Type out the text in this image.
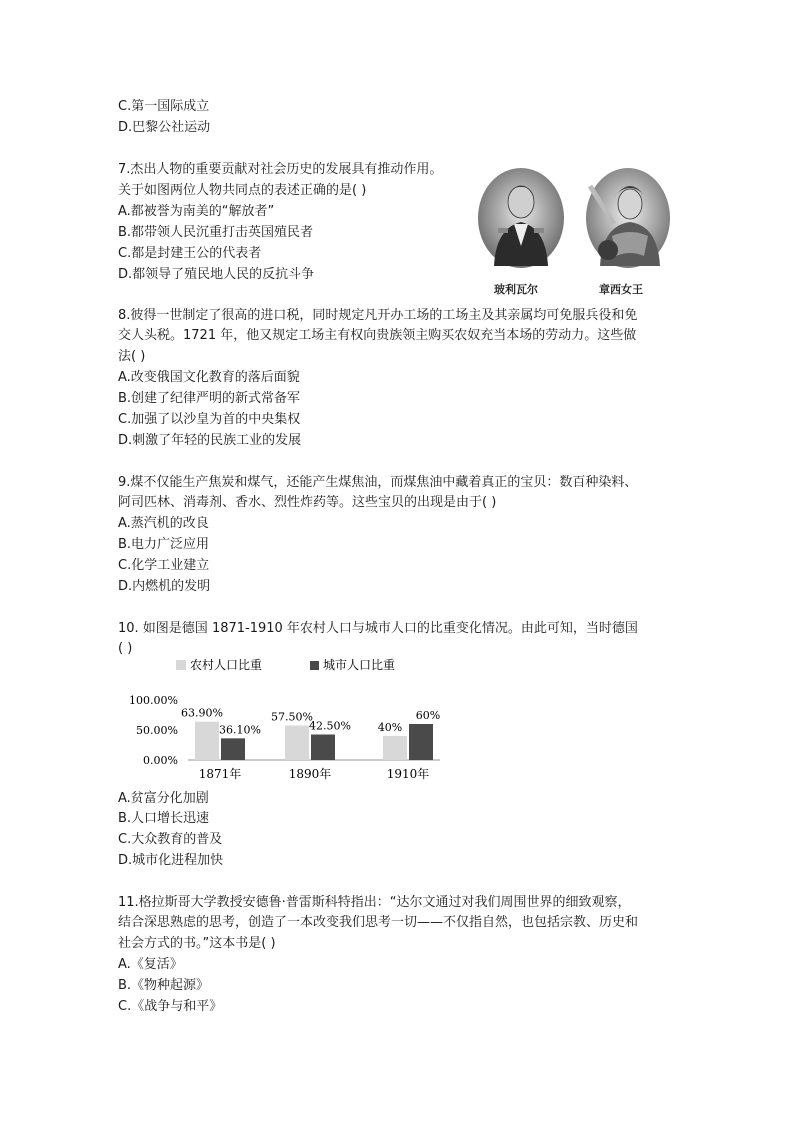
C.第一国际成立
D.巴黎公社运动
7.杰出人物的重要贡献对社会历史的发展具有推动作用。
关于如图两位人物共同点的表述正确的是( )
A.都被誉为南美的“解放者”
B.都带领人民沉重打击英国殖民者
C.都是封建王公的代表者
D.都领导了殖民地人民的反抗斗争
玻利瓦尔	章西女王
8.彼得一世制定了很高的进口税，同时规定凡开办工场的工场主及其亲属均可免服兵役和免
交人头税。1721 年，他又规定工场主有权向贵族领主购买农奴充当本场的劳动力。这些做
法( )
A.改变俄国文化教育的落后面貌
B.创建了纪律严明的新式常备军
C.加强了以沙皇为首的中央集权
D.刺激了年轻的民族工业的发展
9.煤不仅能生产焦炭和煤气，还能产生煤焦油，而煤焦油中藏着真正的宝贝：数百种染料、
阿司匹林、消毒剂、香水、烈性炸药等。这些宝贝的出现是由于( )
A.蒸汽机的改良
B.电力广泛应用
C.化学工业建立
D.内燃机的发明
10. 如图是德国 1871-1910 年农村人口与城市人口的比重变化情况。由此可知，当时德国
( )
农村人口比重	城市人口比重
100.00%
50.00%
0.00%
63.90%
36.10%
1871年
57.50%
42.50%
1890年
40%
60%
1910年
A.贫富分化加剧
B.人口增长迅速
C.大众教育的普及
D.城市化进程加快
11.格拉斯哥大学教授安德鲁·普雷斯科特指出：“达尔文通过对我们周围世界的细致观察，
结合深思熟虑的思考，创造了一本改变我们思考一切——不仅指自然，也包括宗教、历史和
社会方式的书。”这本书是( )
A.《复活》
B.《物种起源》
C.《战争与和平》
